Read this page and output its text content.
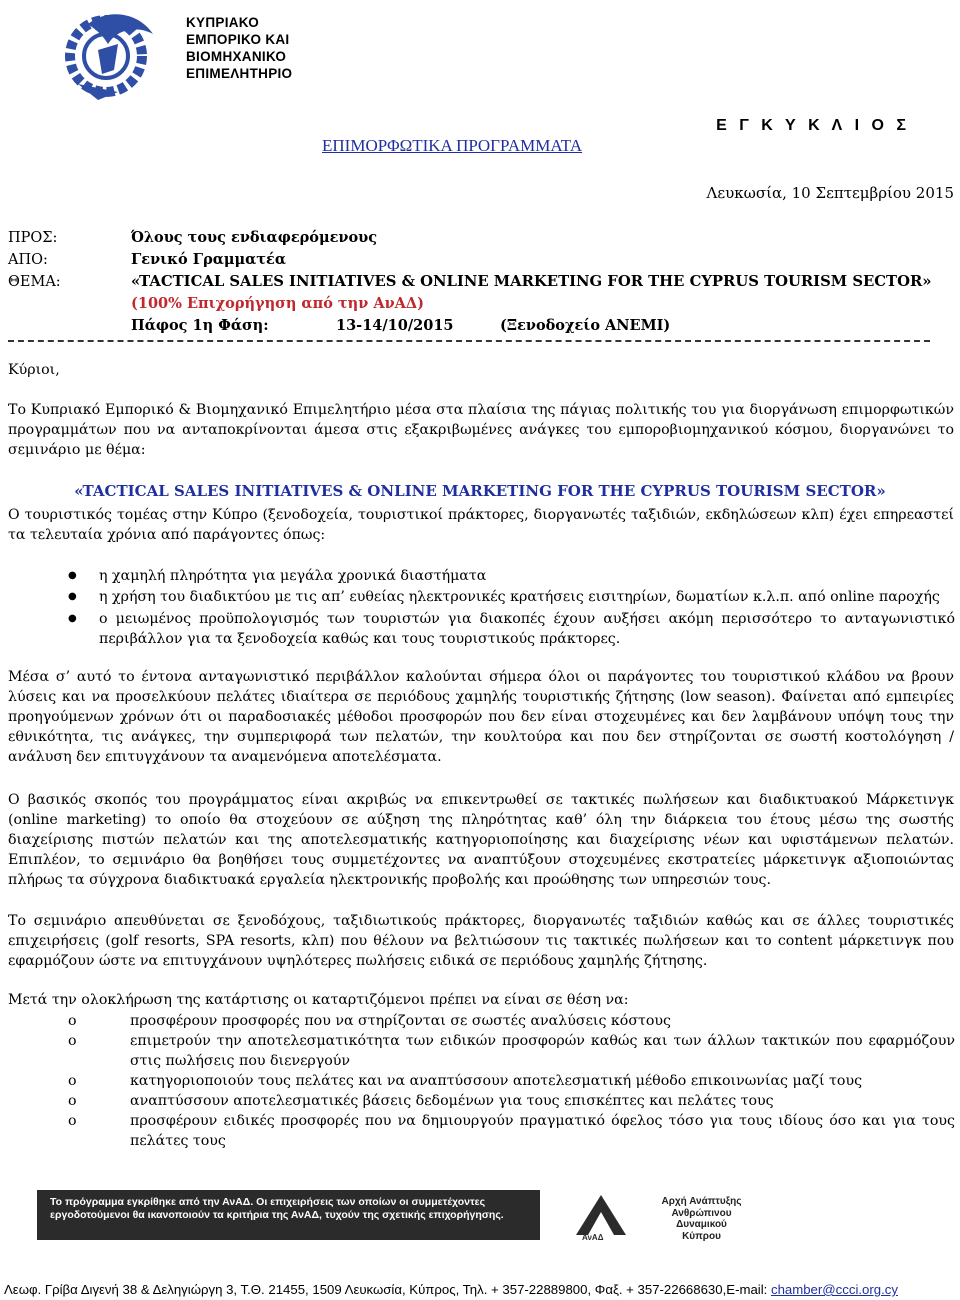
ΚΥΠΡΙΑΚΟ
ΕΜΠΟΡΙΚΟ ΚΑΙ
ΒΙΟΜΗΧΑΝΙΚΟ
ΕΠΙΜΕΛΗΤΗΡΙΟ
Ε Γ Κ Υ Κ Λ Ι Ο Σ
ΕΠΙΜΟΡΦΩΤΙΚΑ ΠΡΟΓΡΑΜΜΑΤΑ
Λευκωσία, 10 Σεπτεμβρίου 2015
ΠΡΟΣ:	Όλους τους ενδιαφερόμενους
ΑΠΟ:	Γενικό Γραμματέα
ΘΕΜΑ:	«TACTICAL SALES INITIATIVES & ONLINE MARKETING FOR THE CYPRUS TOURISM SECTOR»
(100% Επιχορήγηση από την ΑνΑΔ)
Πάφος 1η Φάση:	13-14/10/2015	(Ξενοδοχείο ΑΝΕΜΙ)
Κύριοι,
Το Κυπριακό Εμπορικό & Βιομηχανικό Επιμελητήριο μέσα στα πλαίσια της πάγιας πολιτικής του για διοργάνωση επιμορφωτικών προγραμμάτων που να ανταποκρίνονται άμεσα στις εξακριβωμένες ανάγκες του εμποροβιομηχανικού κόσμου, διοργανώνει το σεμινάριο με θέμα:
«TACTICAL SALES INITIATIVES & ONLINE MARKETING FOR THE CYPRUS TOURISM SECTOR»
Ο τουριστικός τομέας στην Κύπρο (ξενοδοχεία, τουριστικοί πράκτορες, διοργανωτές ταξιδιών, εκδηλώσεων κλπ) έχει επηρεαστεί τα τελευταία χρόνια από παράγοντες όπως:
● η χαμηλή πληρότητα για μεγάλα χρονικά διαστήματα
● η χρήση του διαδικτύου με τις απ’ ευθείας ηλεκτρονικές κρατήσεις εισιτηρίων, δωματίων κ.λ.π. από online παροχής
● ο μειωμένος προϋπολογισμός των τουριστών για διακοπές έχουν αυξήσει ακόμη περισσότερο το ανταγωνιστικό περιβάλλον για τα ξενοδοχεία καθώς και τους τουριστικούς πράκτορες.
Μέσα σ’ αυτό το έντονα ανταγωνιστικό περιβάλλον καλούνται σήμερα όλοι οι παράγοντες του τουριστικού κλάδου να βρουν λύσεις και να προσελκύουν πελάτες ιδιαίτερα σε περιόδους χαμηλής τουριστικής ζήτησης (low season). Φαίνεται από εμπειρίες προηγούμενων χρόνων ότι οι παραδοσιακές μέθοδοι προσφορών που δεν είναι στοχευμένες και δεν λαμβάνουν υπόψη τους την εθνικότητα, τις ανάγκες, την συμπεριφορά των πελατών, την κουλτούρα και που δεν στηρίζονται σε σωστή κοστολόγηση / ανάλυση δεν επιτυγχάνουν τα αναμενόμενα αποτελέσματα.
Ο βασικός σκοπός του προγράμματος είναι ακριβώς να επικεντρωθεί σε τακτικές πωλήσεων και διαδικτυακού Μάρκετινγκ (online marketing) το οποίο θα στοχεύουν σε αύξηση της πληρότητας καθ’ όλη την διάρκεια του έτους μέσω της σωστής διαχείρισης πιστών πελατών και της αποτελεσματικής κατηγοριοποίησης και διαχείρισης νέων και υφιστάμενων πελατών. Επιπλέον, το σεμινάριο θα βοηθήσει τους συμμετέχοντες να αναπτύξουν στοχευμένες εκστρατείες μάρκετινγκ αξιοποιώντας πλήρως τα σύγχρονα διαδικτυακά εργαλεία ηλεκτρονικής προβολής και προώθησης των υπηρεσιών τους.
Το σεμινάριο απευθύνεται σε ξενοδόχους, ταξιδιωτικούς πράκτορες, διοργανωτές ταξιδιών καθώς και σε άλλες τουριστικές επιχειρήσεις (golf resorts, SPA resorts, κλπ) που θέλουν να βελτιώσουν τις τακτικές πωλήσεων και το content μάρκετινγκ που εφαρμόζουν ώστε να επιτυγχάνουν υψηλότερες πωλήσεις ειδικά σε περιόδους χαμηλής ζήτησης.
Μετά την ολοκλήρωση της κατάρτισης οι καταρτιζόμενοι πρέπει να είναι σε θέση να:
o	προσφέρουν προσφορές που να στηρίζονται σε σωστές αναλύσεις κόστους
o	επιμετρούν την αποτελεσματικότητα των ειδικών προσφορών καθώς και των άλλων τακτικών που εφαρμόζουν στις πωλήσεις που διενεργούν
o	κατηγοριοποιούν τους πελάτες και να αναπτύσσουν αποτελεσματική μέθοδο επικοινωνίας μαζί τους
o	αναπτύσσουν αποτελεσματικές βάσεις δεδομένων για τους επισκέπτες και πελάτες τους
o	προσφέρουν ειδικές προσφορές που να δημιουργούν πραγματικό όφελος τόσο για τους ιδίους όσο και για τους πελάτες τους
Το πρόγραμμα εγκρίθηκε από την ΑνΑΔ. Οι επιχειρήσεις των οποίων οι συμμετέχοντες εργοδοτούμενοι θα ικανοποιούν τα κριτήρια της ΑνΑΔ, τυχούν της σχετικής επιχορήγησης.
ΑνΑΔ
Αρχή Ανάπτυξης
Ανθρώπινου
Δυναμικού
Κύπρου
Λεωφ. Γρίβα Διγενή 38 & Δεληγιώργη 3, Τ.Θ. 21455, 1509 Λευκωσία, Κύπρος, Τηλ. + 357-22889800, Φαξ. + 357-22668630,E-mail: chamber@ccci.org.cy
